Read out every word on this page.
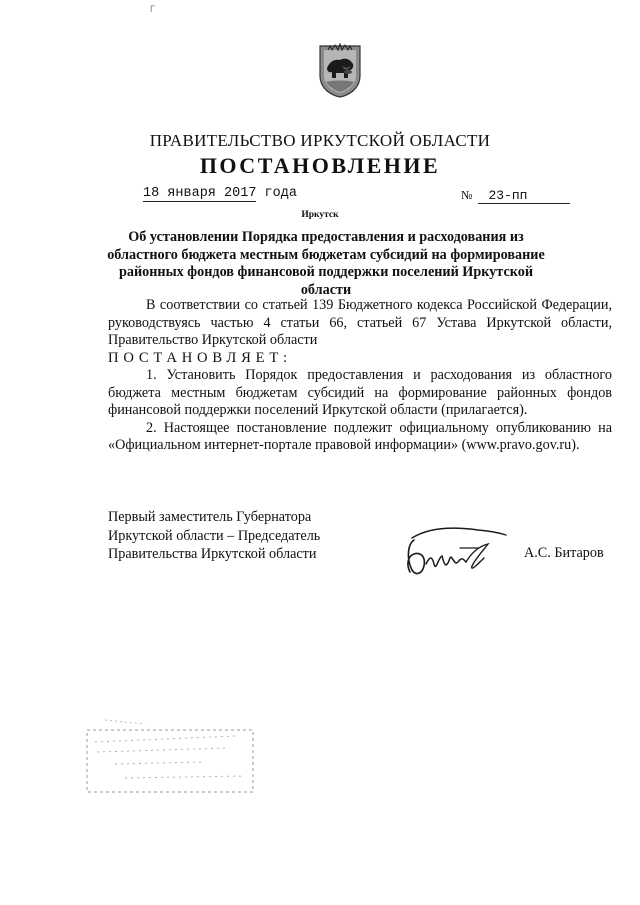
Г
ПРАВИТЕЛЬСТВО ИРКУТСКОЙ ОБЛАСТИ
ПОСТАНОВЛЕНИЕ
18 января 2017 года	№ 23-пп
Иркутск
Об установлении Порядка предоставления и расходования из областного бюджета местным бюджетам субсидий на формирование районных фондов финансовой поддержки поселений Иркутской области

В соответствии со статьей 139 Бюджетного кодекса Российской Федерации, руководствуясь частью 4 статьи 66, статьей 67 Устава Иркутской области, Правительство Иркутской области

ПОСТАНОВЛЯЕТ:

1. Установить Порядок предоставления и расходования из областного бюджета местным бюджетам субсидий на формирование районных фондов финансовой поддержки поселений Иркутской области (прилагается).

2. Настоящее постановление подлежит официальному опубликованию на «Официальном интернет-портале правовой информации» (www.pravo.gov.ru).

Первый заместитель Губернатора
Иркутской области – Председатель
Правительства Иркутской области	А.С. Битаров
